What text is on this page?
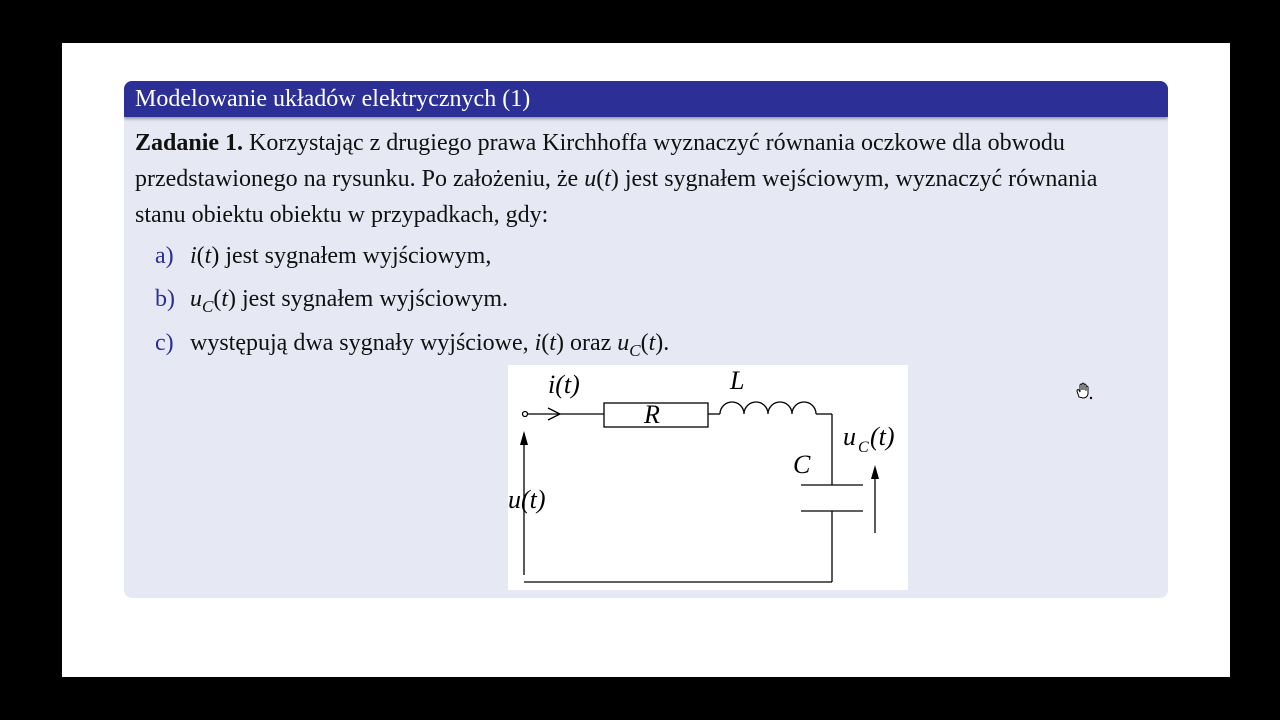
Modelowanie układów elektrycznych (1)

Zadanie 1. Korzystając z drugiego prawa Kirchhoffa wyznaczyć równania oczkowe dla obwodu przedstawionego na rysunku. Po założeniu, że u(t) jest sygnałem wejściowym, wyznaczyć równania stanu obiektu obiektu w przypadkach, gdy:

a) i(t) jest sygnałem wyjściowym,
b) $u_C(t)$ jest sygnałem wyjściowym.
c) występują dwa sygnały wyjściowe, i(t) oraz $u_C(t)$.
i(t)	L
R
C
u(t)
u C (t)
